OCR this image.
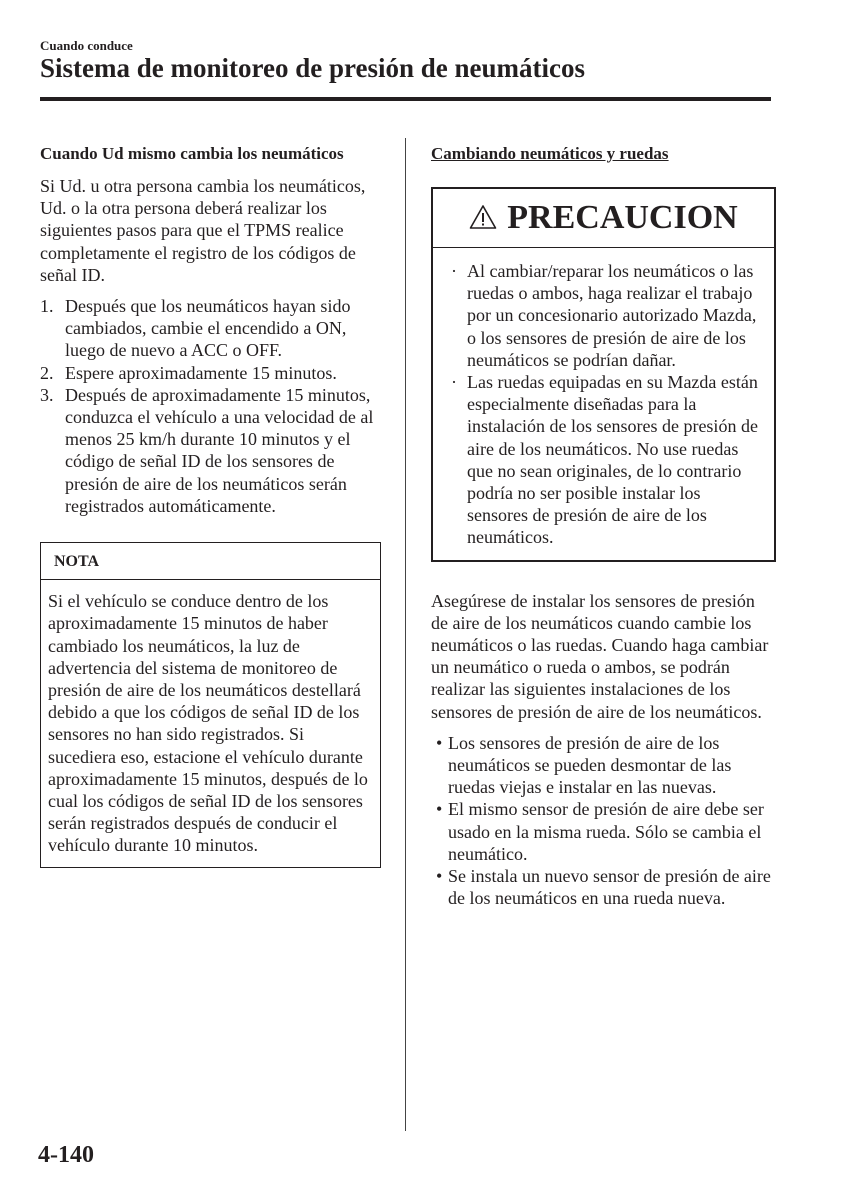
Cuando conduce
Sistema de monitoreo de presión de neumáticos
Cuando Ud mismo cambia los neumáticos

Si Ud. u otra persona cambia los neumáticos, Ud. o la otra persona deberá realizar los siguientes pasos para que el TPMS realice completamente el registro de los códigos de señal ID.

1. Después que los neumáticos hayan sido cambiados, cambie el encendido a ON, luego de nuevo a ACC o OFF.
2. Espere aproximadamente 15 minutos.
3. Después de aproximadamente 15 minutos, conduzca el vehículo a una velocidad de al menos 25 km/h durante 10 minutos y el código de señal ID de los sensores de presión de aire de los neumáticos serán registrados automáticamente.
NOTA
Si el vehículo se conduce dentro de los aproximadamente 15 minutos de haber cambiado los neumáticos, la luz de advertencia del sistema de monitoreo de presión de aire de los neumáticos destellará debido a que los códigos de señal ID de los sensores no han sido registrados. Si sucediera eso, estacione el vehículo durante aproximadamente 15 minutos, después de lo cual los códigos de señal ID de los sensores serán registrados después de conducir el vehículo durante 10 minutos.
Cambiando neumáticos y ruedas
PRECAUCION
· Al cambiar/reparar los neumáticos o las ruedas o ambos, haga realizar el trabajo por un concesionario autorizado Mazda, o los sensores de presión de aire de los neumáticos se podrían dañar.
· Las ruedas equipadas en su Mazda están especialmente diseñadas para la instalación de los sensores de presión de aire de los neumáticos. No use ruedas que no sean originales, de lo contrario podría no ser posible instalar los sensores de presión de aire de los neumáticos.

Asegúrese de instalar los sensores de presión de aire de los neumáticos cuando cambie los neumáticos o las ruedas. Cuando haga cambiar un neumático o rueda o ambos, se podrán realizar las siguientes instalaciones de los sensores de presión de aire de los neumáticos.

• Los sensores de presión de aire de los neumáticos se pueden desmontar de las ruedas viejas e instalar en las nuevas.
• El mismo sensor de presión de aire debe ser usado en la misma rueda. Sólo se cambia el neumático.
• Se instala un nuevo sensor de presión de aire de los neumáticos en una rueda nueva.
4-140
